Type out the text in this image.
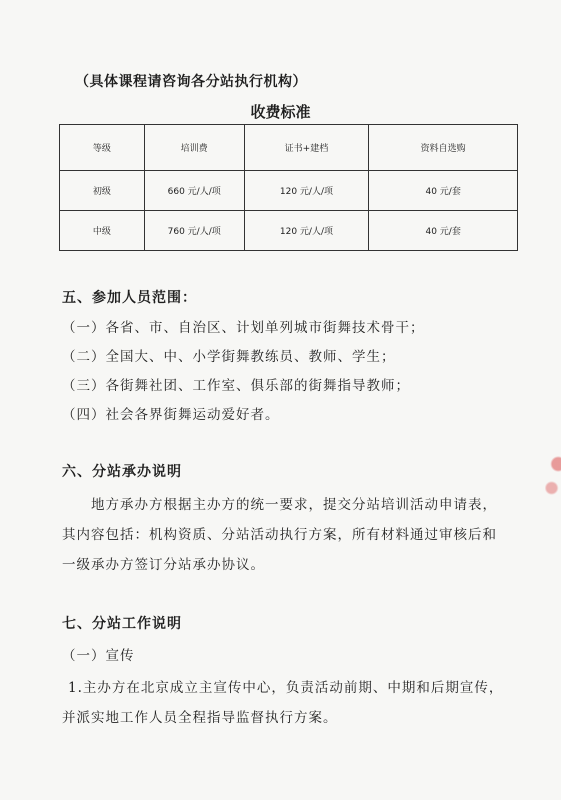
（具体课程请咨询各分站执行机构）
收费标准
等级	培训费	证书+建档	资料自选购
初级	660 元/人/项	120 元/人/项	40 元/套
中级	760 元/人/项	120 元/人/项	40 元/套
五、参加人员范围：
（一）各省、市、自治区、计划单列城市街舞技术骨干；
（二）全国大、中、小学街舞教练员、教师、学生；
（三）各街舞社团、工作室、俱乐部的街舞指导教师；
（四）社会各界街舞运动爱好者。
六、分站承办说明
地方承办方根据主办方的统一要求，提交分站培训活动申请表，
其内容包括：机构资质、分站活动执行方案，所有材料通过审核后和
一级承办方签订分站承办协议。
七、分站工作说明
（一）宣传
1.主办方在北京成立主宣传中心，负责活动前期、中期和后期宣传，
并派实地工作人员全程指导监督执行方案。
